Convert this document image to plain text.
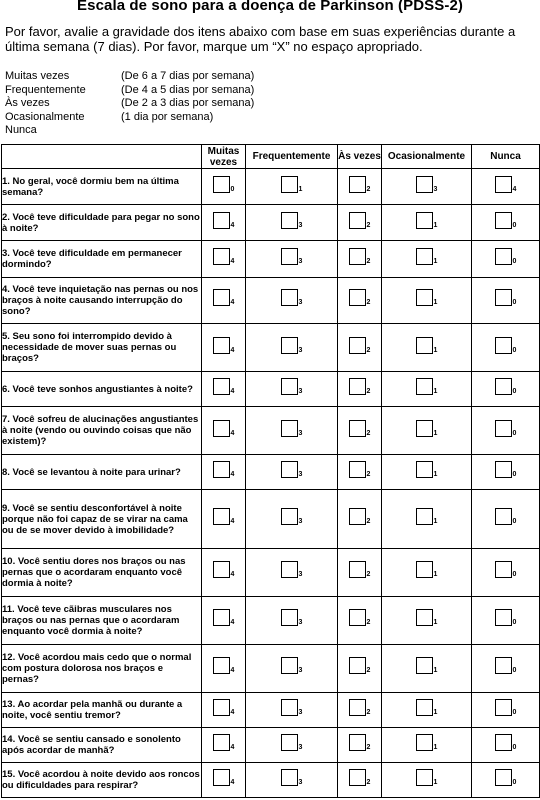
Escala de sono para a doença de Parkinson (PDSS-2)
Por favor, avalie a gravidade dos itens abaixo com base em suas experiências durante a última semana (7 dias). Por favor, marque um “X” no espaço apropriado.
Muitas vezes	(De 6 a 7 dias por semana)
Frequentemente	(De 4 a 5 dias por semana)
Às vezes	(De 2 a 3 dias por semana)
Ocasionalmente	(1 dia por semana)
Nunca
	Muitas vezes	Frequentemente	Às vezes	Ocasionalmente	Nunca
1. No geral, você dormiu bem na última semana?	0	1	2	3	4

2. Você teve dificuldade para pegar no sono à noite?	4	3	2	1	0

3. Você teve dificuldade em permanecer dormindo?	4	3	2	1	0

4. Você teve inquietação nas pernas ou nos braços à noite causando interrupção do sono?	4	3	2	1	0

5. Seu sono foi interrompido devido à necessidade de mover suas pernas ou braços?	4	3	2	1	0

6. Você teve sonhos angustiantes à noite?	4	3	2	1	0

7. Você sofreu de alucinações angustiantes à noite (vendo ou ouvindo coisas que não existem)?	4	3	2	1	0

8. Você se levantou à noite para urinar?	4	3	2	1	0

9. Você se sentiu desconfortável à noite porque não foi capaz de se virar na cama ou de se mover devido à imobilidade?	4	3	2	1	0

10. Você sentiu dores nos braços ou nas pernas que o acordaram enquanto você dormia à noite?	4	3	2	1	0

11. Você teve cãibras musculares nos braços ou nas pernas que o acordaram enquanto você dormia à noite?	4	3	2	1	0

12. Você acordou mais cedo que o normal com postura dolorosa nos braços e pernas?	4	3	2	1	0

13. Ao acordar pela manhã ou durante a noite, você sentiu tremor?	4	3	2	1	0

14. Você se sentiu cansado e sonolento após acordar de manhã?	4	3	2	1	0

15. Você acordou à noite devido aos roncos ou dificuldades para respirar?	4	3	2	1	0
